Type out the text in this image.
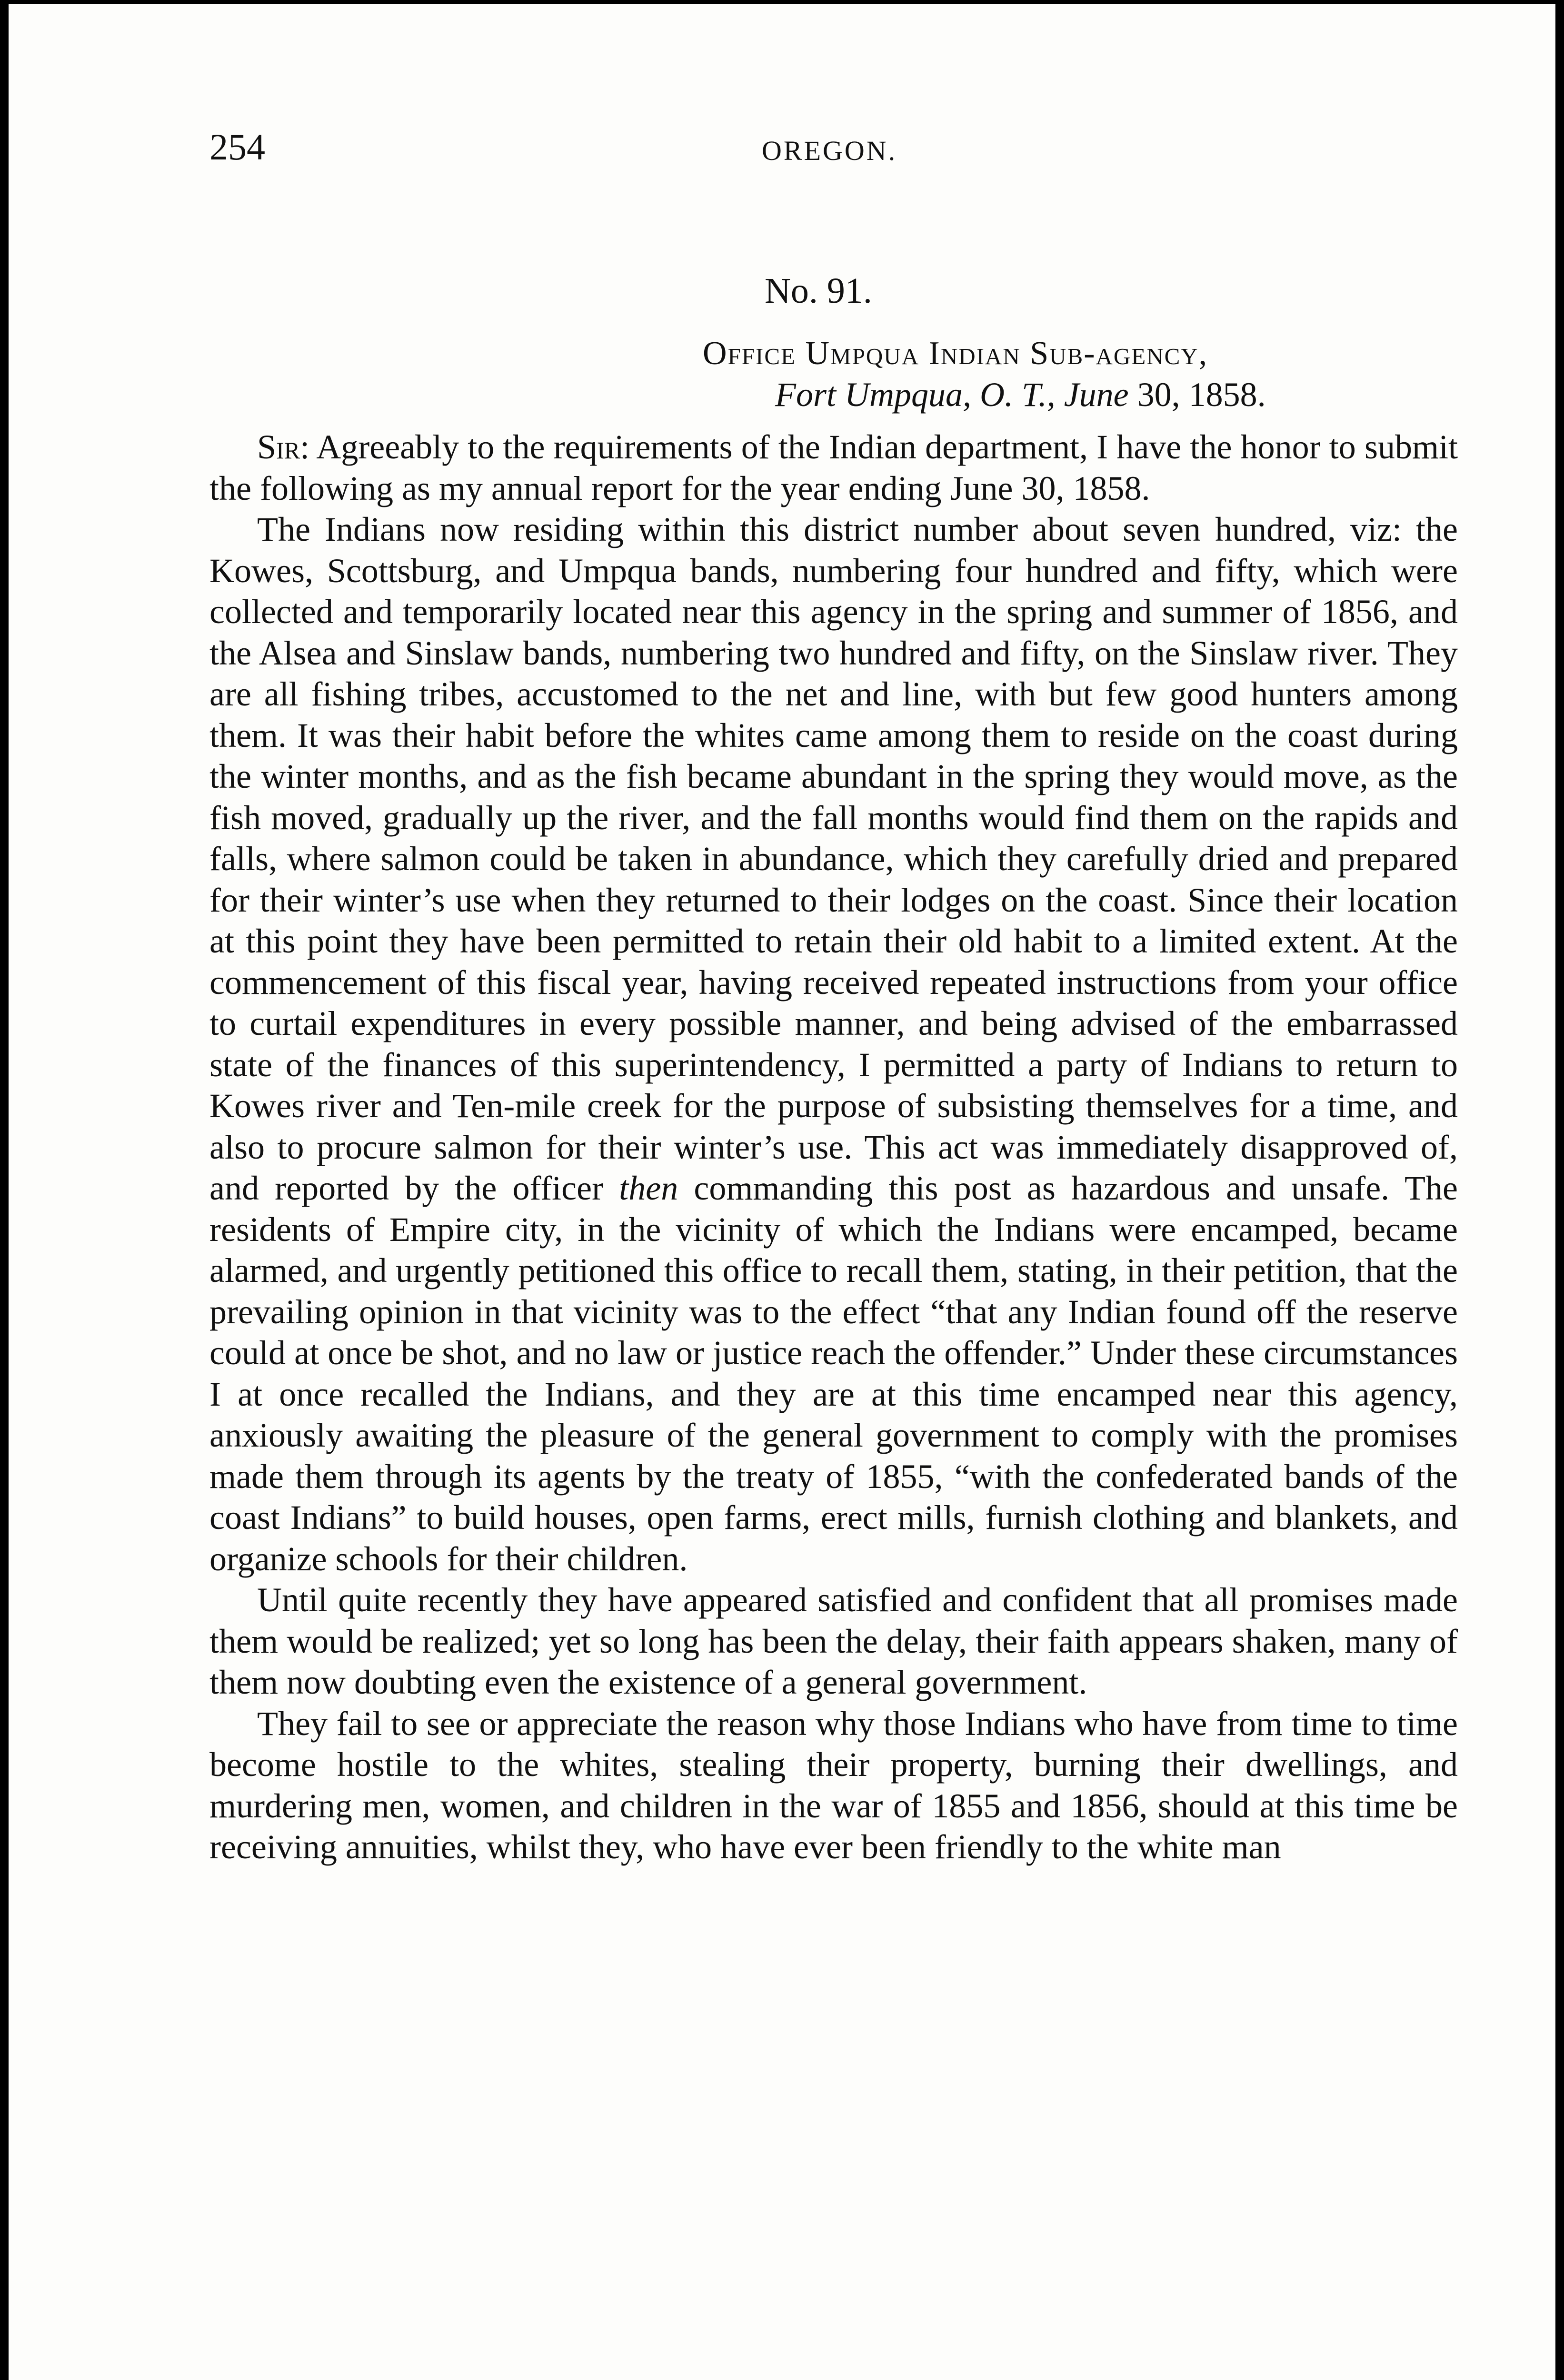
254	OREGON.
No. 91.
Office Umpqua Indian Sub-agency,
Fort Umpqua, O. T., June 30, 1858.

Sir: Agreeably to the requirements of the Indian department, I have the honor to submit the following as my annual report for the year ending June 30, 1858.

The Indians now residing within this district number about seven hundred, viz: the Kowes, Scottsburg, and Umpqua bands, numbering four hundred and fifty, which were collected and temporarily located near this agency in the spring and summer of 1856, and the Alsea and Sinslaw bands, numbering two hundred and fifty, on the Sinslaw river. They are all fishing tribes, accustomed to the net and line, with but few good hunters among them. It was their habit before the whites came among them to reside on the coast during the winter months, and as the fish became abundant in the spring they would move, as the fish moved, gradually up the river, and the fall months would find them on the rapids and falls, where salmon could be taken in abundance, which they carefully dried and prepared for their winter’s use when they returned to their lodges on the coast. Since their location at this point they have been permitted to retain their old habit to a limited extent. At the commencement of this fiscal year, having received repeated instructions from your office to curtail expenditures in every possible manner, and being advised of the embarrassed state of the finances of this superintendency, I permitted a party of Indians to return to Kowes river and Ten-mile creek for the purpose of subsisting themselves for a time, and also to procure salmon for their winter’s use. This act was immediately disapproved of, and reported by the officer then commanding this post as hazardous and unsafe. The residents of Empire city, in the vicinity of which the Indians were encamped, became alarmed, and urgently petitioned this office to recall them, stating, in their petition, that the prevailing opinion in that vicinity was to the effect “that any Indian found off the reserve could at once be shot, and no law or justice reach the offender.” Under these circumstances I at once recalled the Indians, and they are at this time encamped near this agency, anxiously awaiting the pleasure of the general government to comply with the promises made them through its agents by the treaty of 1855, “with the confederated bands of the coast Indians” to build houses, open farms, erect mills, furnish clothing and blankets, and organize schools for their children.

Until quite recently they have appeared satisfied and confident that all promises made them would be realized; yet so long has been the delay, their faith appears shaken, many of them now doubting even the existence of a general government.

They fail to see or appreciate the reason why those Indians who have from time to time become hostile to the whites, stealing their property, burning their dwellings, and murdering men, women, and children in the war of 1855 and 1856, should at this time be receiving annuities, whilst they, who have ever been friendly to the white man
